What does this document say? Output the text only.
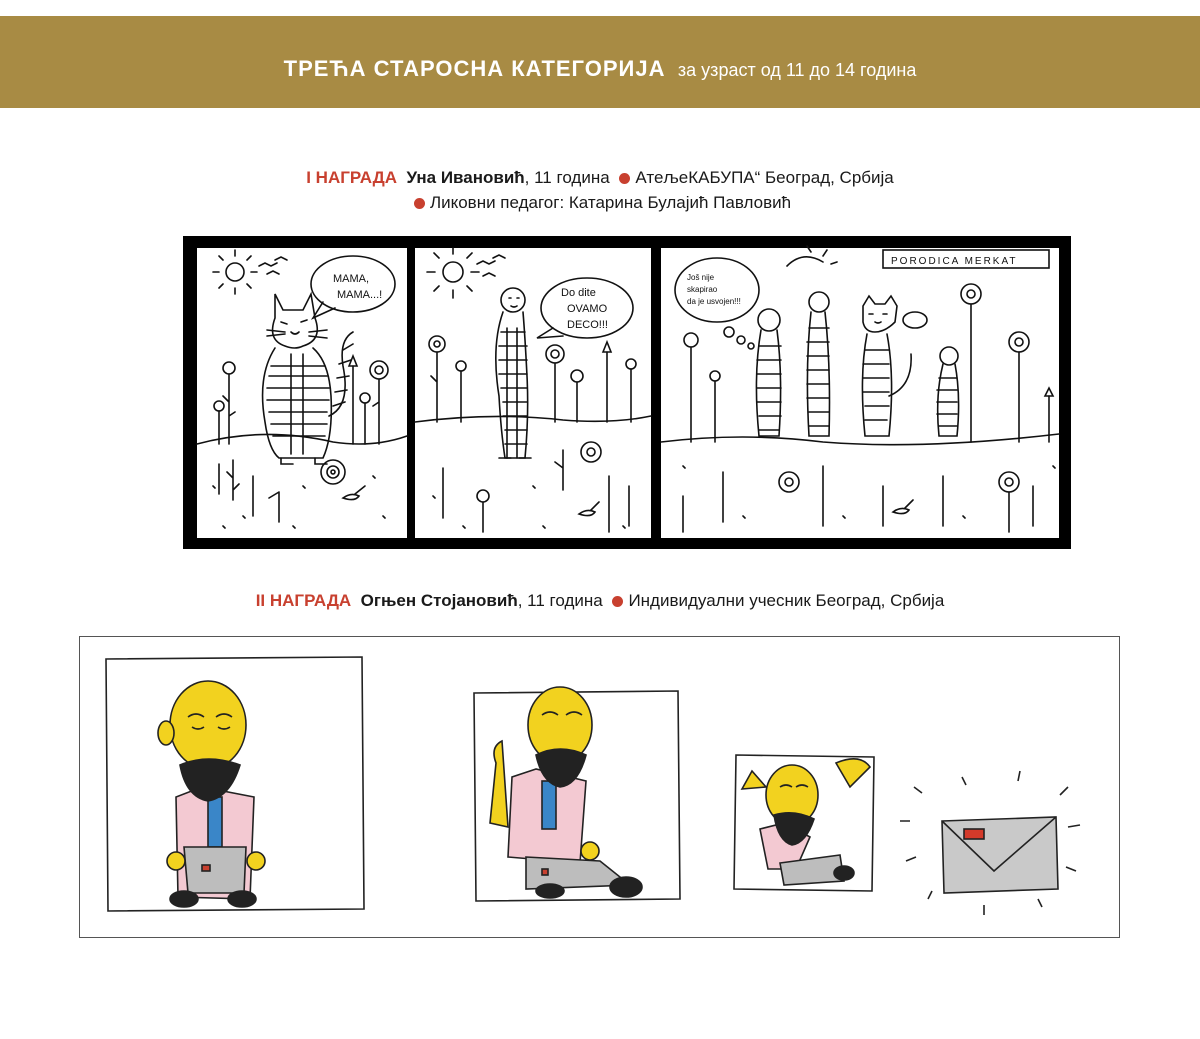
ТРЕЋА СТАРОСНА КАТЕГОРИЈА за узраст од 11 до 14 година
I НАГРАДА Уна Ивановић, 11 година АтељеКАБУПА“ Београд, Србија
Ликовни педагог: Катарина Булајић Павловић
MAMA,
MAMA...!	Do dite
OVAMO
DECO!!!
PORODICA MERKAT
Još nije
skapirao
da je usvojen!!!
II НАГРАДА Огњен Стојановић, 11 година Индивидуални учесник Београд, Србија
